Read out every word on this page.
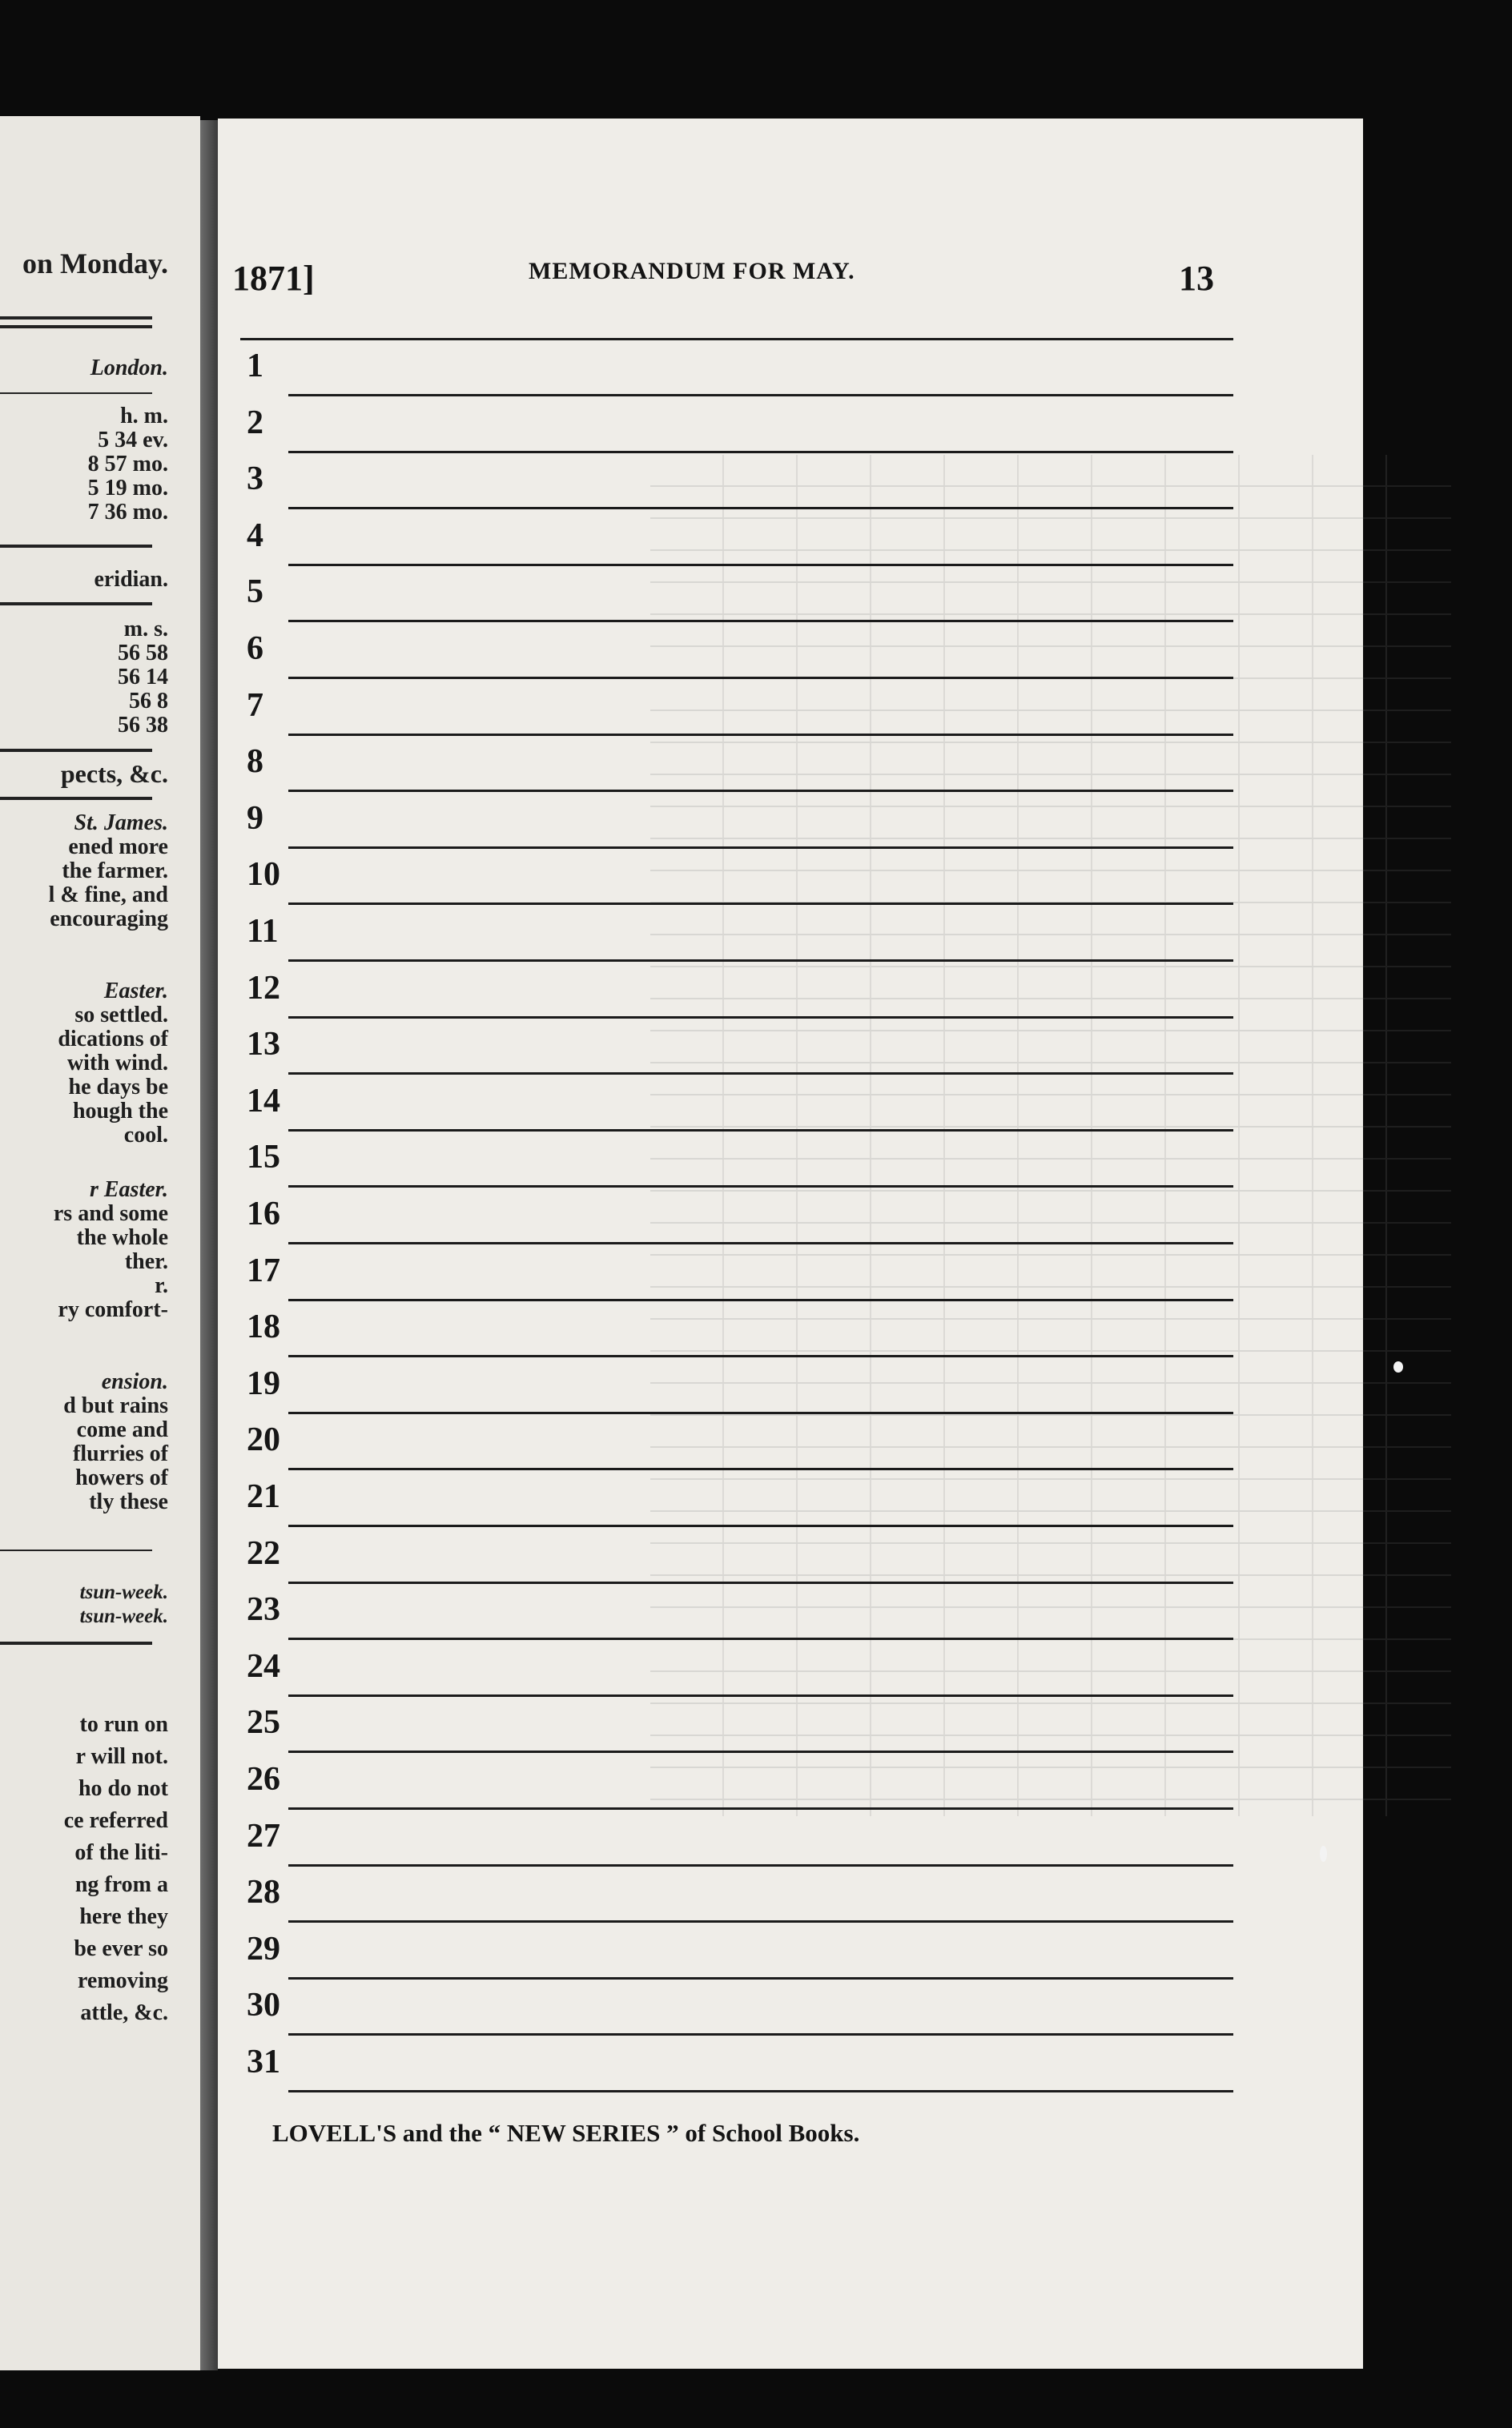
on Monday.
London.
h. m.
5 34 ev.
8 57 mo.
5 19 mo.
7 36 mo.
eridian.
m. s.
56 58
56 14
56 8
56 38
pects, &c.
St. James.
ened more
the farmer.
l & fine, and
encouraging
Easter.
so settled.
dications of
with wind.
he days be
hough the
cool.
r Easter.
rs and some
the whole
ther.
r.
ry comfort-
ension.
d but rains
come and
flurries of
howers of
tly these
tsun-week.
tsun-week.
to run on
r will not.
ho do not
ce referred
of the liti-
ng from a
here they
be ever so
removing
attle, &c.
1871]	MEMORANDUM FOR MAY.	13
1
2
3
4
5
6
7
8
9
10
11
12
13
14
15
16
17
18
19
20
21
22
23
24
25
26
27
28
29
30
31
LOVELL'S and the “ NEW SERIES ” of School Books.
